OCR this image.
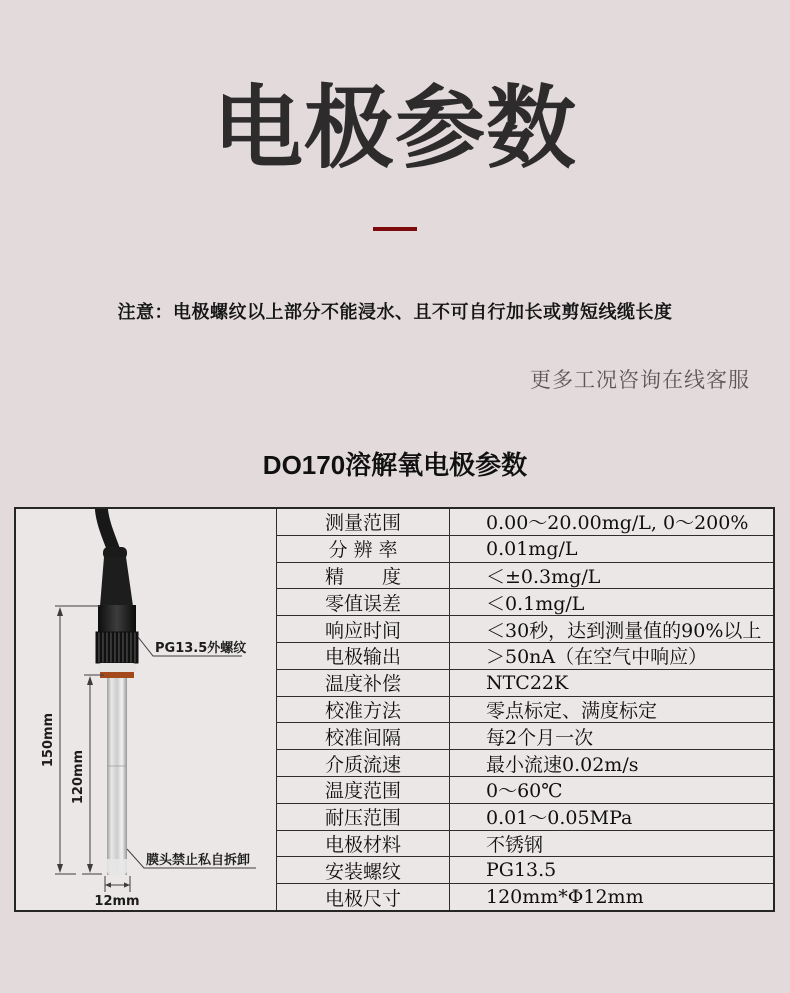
电极参数
注意：电极螺纹以上部分不能浸水、且不可自行加长或剪短线缆长度
更多工况咨询在线客服
DO170溶解氧电极参数
150mm
120mm
PG13.5外螺纹
膜头禁止私自拆卸
12mm
测量范围	0.00～20.00mg/L, 0～200%
分 辨 率	0.01mg/L
精　　度	＜±0.3mg/L
零值误差	＜0.1mg/L
响应时间	＜30秒，达到测量值的90%以上
电极输出	＞50nA（在空气中响应）
温度补偿	NTC22K
校准方法	零点标定、满度标定
校准间隔	每2个月一次
介质流速	最小流速0.02m/s
温度范围	0～60℃
耐压范围	0.01～0.05MPa
电极材料	不锈钢
安装螺纹	PG13.5
电极尺寸	120mm*Φ12mm
